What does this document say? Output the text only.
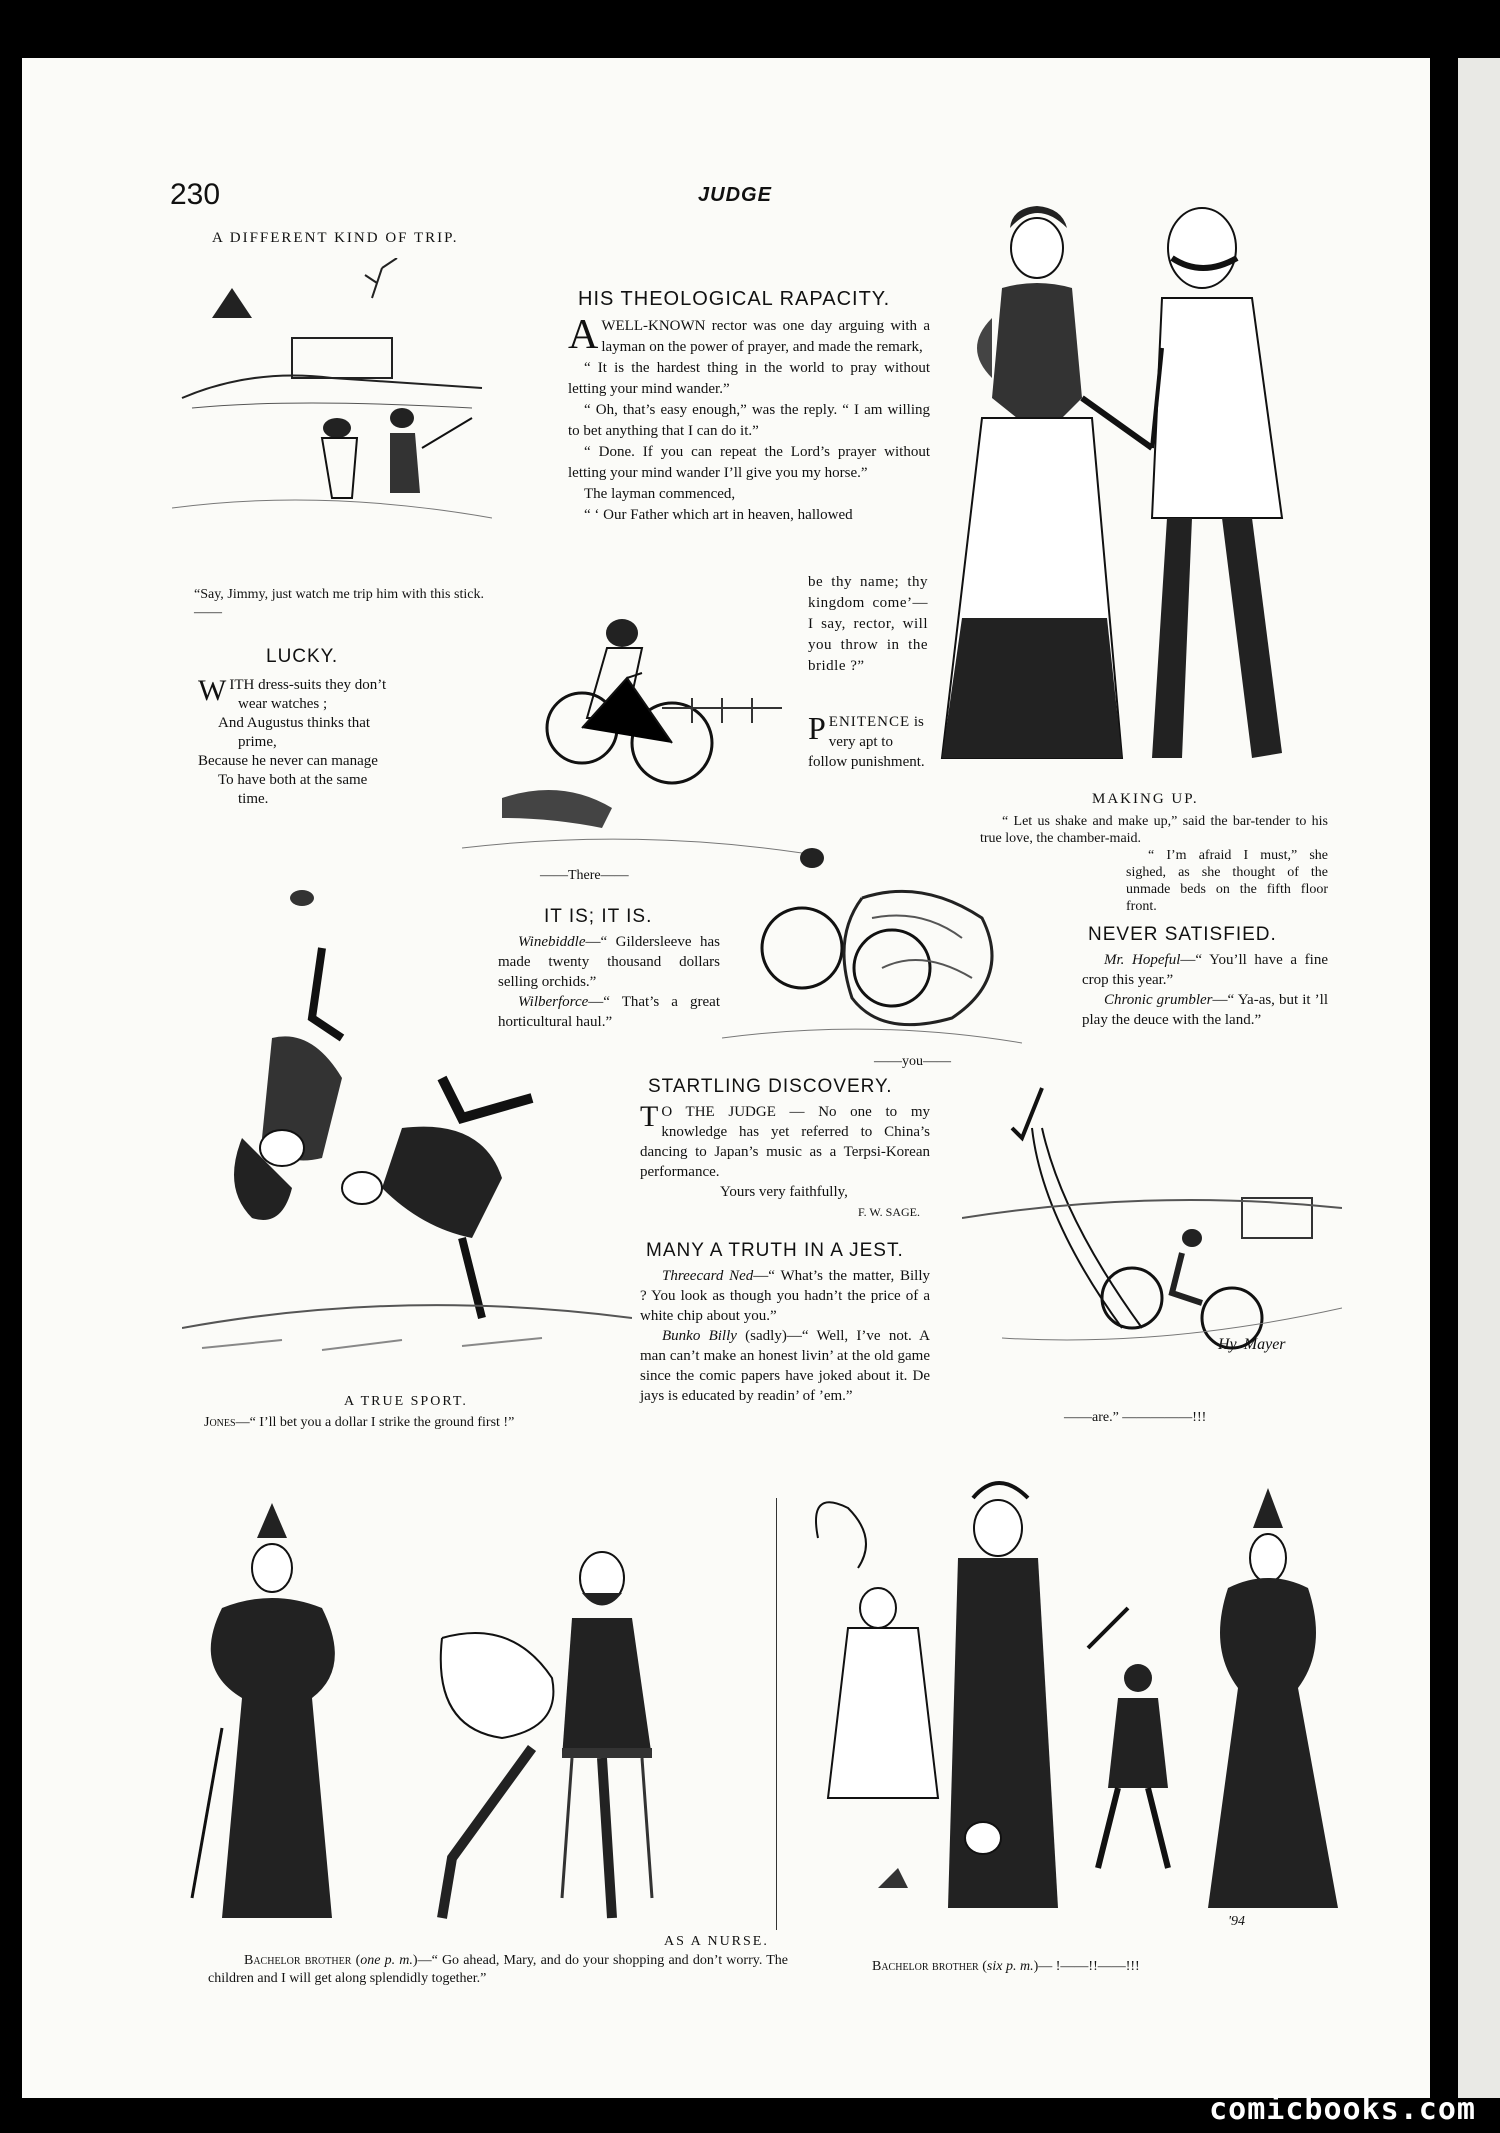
230	JUDGE
A DIFFERENT KIND OF TRIP.

“Say, Jimmy, just watch me trip him with this stick.——

LUCKY.
WITH dress-suits they don’t
wear watches ;
And Augustus thinks that
prime,
Because he never can manage
To have both at the same
time.
HIS THEOLOGICAL RAPACITY.

AWELL-KNOWN rector was one day arguing with a layman on the power of prayer, and made the remark,

“ It is the hardest thing in the world to pray without letting your mind wander.”

“ Oh, that’s easy enough,” was the reply. “ I am willing to bet anything that I can do it.”

“ Done. If you can repeat the Lord’s prayer without letting your mind wander I’ll give you my horse.”

The layman commenced,

“ ‘ Our Father which art in heaven, hallowed

be thy name; thy kingdom come’—I say, rector, will you throw in the bridle ?”

PENITENCE is very apt to follow punishment.
——There——
MAKING UP.

“ Let us shake and make up,” said the bar-tender to his true love, the chamber-maid.

“ I’m afraid I must,” she sighed, as she thought of the unmade beds on the fifth floor front.

——you——
IT IS; IT IS.

Winebiddle—“ Gildersleeve has made twenty thousand dollars selling orchids.”

Wilberforce—“ That’s a great horticultural haul.”

NEVER SATISFIED.

Mr. Hopeful—“ You’ll have a fine crop this year.”

Chronic grumbler—“ Ya-as, but it ’ll play the deuce with the land.”

STARTLING DISCOVERY.

T O THE JUDGE — No one to my knowledge has yet referred to China’s dancing to Japan’s music as a Terpsi-Korean performance.

Yours very faithfully,

F. W. SAGE.

MANY A TRUTH IN A JEST.

Threecard Ned—“ What’s the matter, Billy ? You look as though you hadn’t the price of a white chip about you.”

Bunko Billy (sadly)—“ Well, I’ve not. A man can’t make an honest livin’ at the old game since the comic papers have joked about it. De jays is educated by readin’ of ’em.”

A TRUE SPORT.

Jones—“ I’ll bet you a dollar I strike the ground first !”

Hy. Mayer
——are.” —————!!!
'94
AS A NURSE.

Bachelor brother (one p. m.)—“ Go ahead, Mary, and do your shopping and don’t worry. The children and I will get along splendidly together.”

Bachelor brother (six p. m.)— !——!!——!!!

comicbooks.com
